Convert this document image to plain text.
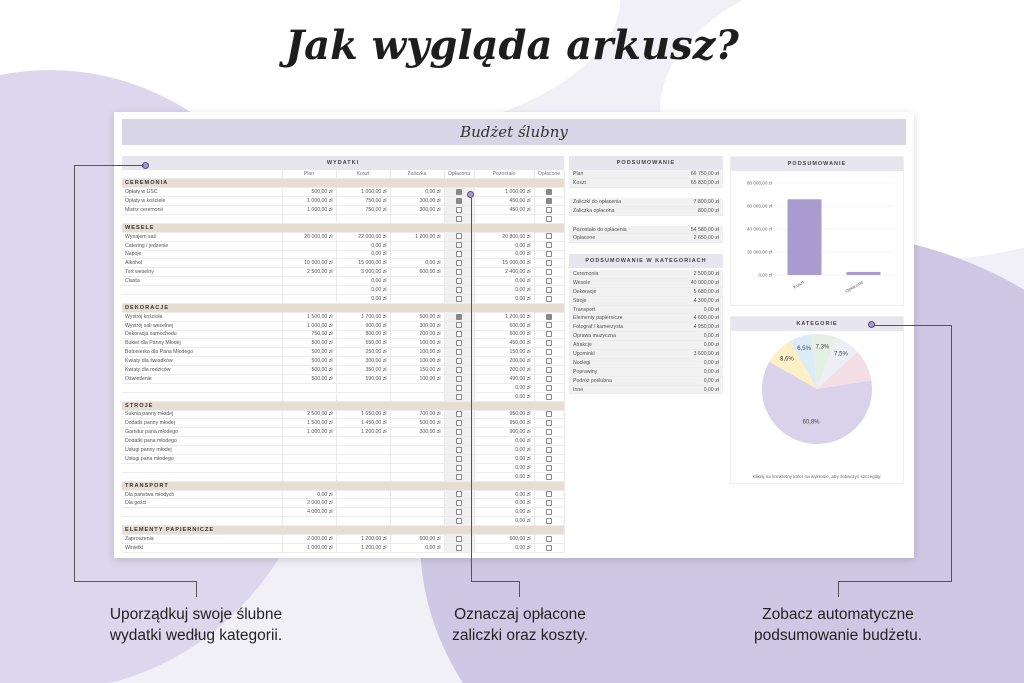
Jak wygląda arkusz?
Budżet ślubny
WYDATKI
	Plan	Koszt	Zaliczka	Opłacona	Pozostało	Opłacone
CEREMONIA						
Opłaty w USC	500,00 zł	1 000,00 zł	0,00 zł		1 000,00 zł	
Opłaty w kościele	1 000,00 zł	750,00 zł	300,00 zł		450,00 zł	
Mistrz ceremonii	1 000,00 zł	750,00 zł	300,00 zł		450,00 zł	

WESELE						
Wynajem sali	20 000,00 zł	22 000,00 zł	1 200,00 zł		20 800,00 zł	
Catering / jedzenie		0,00 zł			0,00 zł	
Napoje		0,00 zł			0,00 zł	
Alkohol	10 000,00 zł	15 000,00 zł	0,00 zł		15 000,00 zł	
Tort weselny	2 500,00 zł	3 000,00 zł	600,00 zł		2 400,00 zł	
Ciasta		0,00 zł			0,00 zł	
		0,00 zł			0,00 zł	
		0,00 zł			0,00 zł	
DEKORACJE						
Wystrój kościoła	1 500,00 zł	1 700,00 zł	500,00 zł		1 200,00 zł	
Wystrój sali weselnej	1 000,00 zł	900,00 zł	300,00 zł		600,00 zł	
Dekoracja samochodu	750,00 zł	800,00 zł	200,00 zł		600,00 zł	
Bukiet dla Panny Młodej	500,00 zł	550,00 zł	100,00 zł		450,00 zł	
Butonierka dla Pana Młodego	500,00 zł	250,00 zł	100,00 zł		150,00 zł	
Kwiaty dla świadków	500,00 zł	300,00 zł	100,00 zł		200,00 zł	
Kwiaty dla rodziców	500,00 zł	350,00 zł	150,00 zł		200,00 zł	
Oświetlenie	500,00 zł	590,00 zł	100,00 zł		490,00 zł	
					0,00 zł	
					0,00 zł	
STROJE						
Suknia panny młodej	2 500,00 zł	1 650,00 zł	700,00 zł		950,00 zł	
Dodatki panny młodej	1 500,00 zł	1 450,00 zł	500,00 zł		950,00 zł	
Garnitur pana młodego	1 000,00 zł	1 200,00 zł	300,00 zł		900,00 zł	
Dodatki pana młodego					0,00 zł	
Usługi panny młodej					0,00 zł	
Usługi pana młodego					0,00 zł	
					0,00 zł	
					0,00 zł	
TRANSPORT						
Dla państwa młodych	0,00 zł				0,00 zł	
Dla gości	2 000,00 zł				0,00 zł	
	4 000,00 zł				0,00 zł	
					0,00 zł	
ELEMENTY PAPIERNICZE						
Zaproszenia	2 000,00 zł	1 200,00 zł	600,00 zł		600,00 zł	
Winietki	1 000,00 zł	1 200,00 zł	0,00 zł		0,00 zł	
PODSUMOWANIE
Plan	66 750,00 zł
Koszt	65 830,00 zł
Zaliczki do opłacenia	7 800,00 zł
Zaliczka opłacona	800,00 zł
Pozostało do opłacenia	54 580,00 zł
Opłacone	2 650,00 zł
PODSUMOWANIE W KATEGORIACH
Ceremonia	2 500,00 zł
Wesele	40 000,00 zł
Dekoracje	5 680,00 zł
Stroje	4 300,00 zł
Transport	0,00 zł
Elementy papiernicze	4 600,00 zł
Fotograf / kamerzysta	4 950,00 zł
Oprawa muzyczna	0,00 zł
Atrakcje	0,00 zł
Upominki	3 600,00 zł
Noclegi	0,00 zł
Poprawiny	0,00 zł
Podróż poślubna	0,00 zł
Inne	0,00 zł
PODSUMOWANIE
0,00 zł
20 000,00 zł
40 000,00 zł
60 000,00 zł
80 000,00 zł
Koszt	Opłacone
KATEGORIE
60,8%
8,6%
6,5% 7,3%
7,5%
Kliknij na konkretny kolor na wykresie, aby zobaczyć szczegóły.
Uporządkuj swoje ślubne
wydatki według kategorii.
Oznaczaj opłacone
zaliczki oraz koszty.
Zobacz automatyczne
podsumowanie budżetu.
